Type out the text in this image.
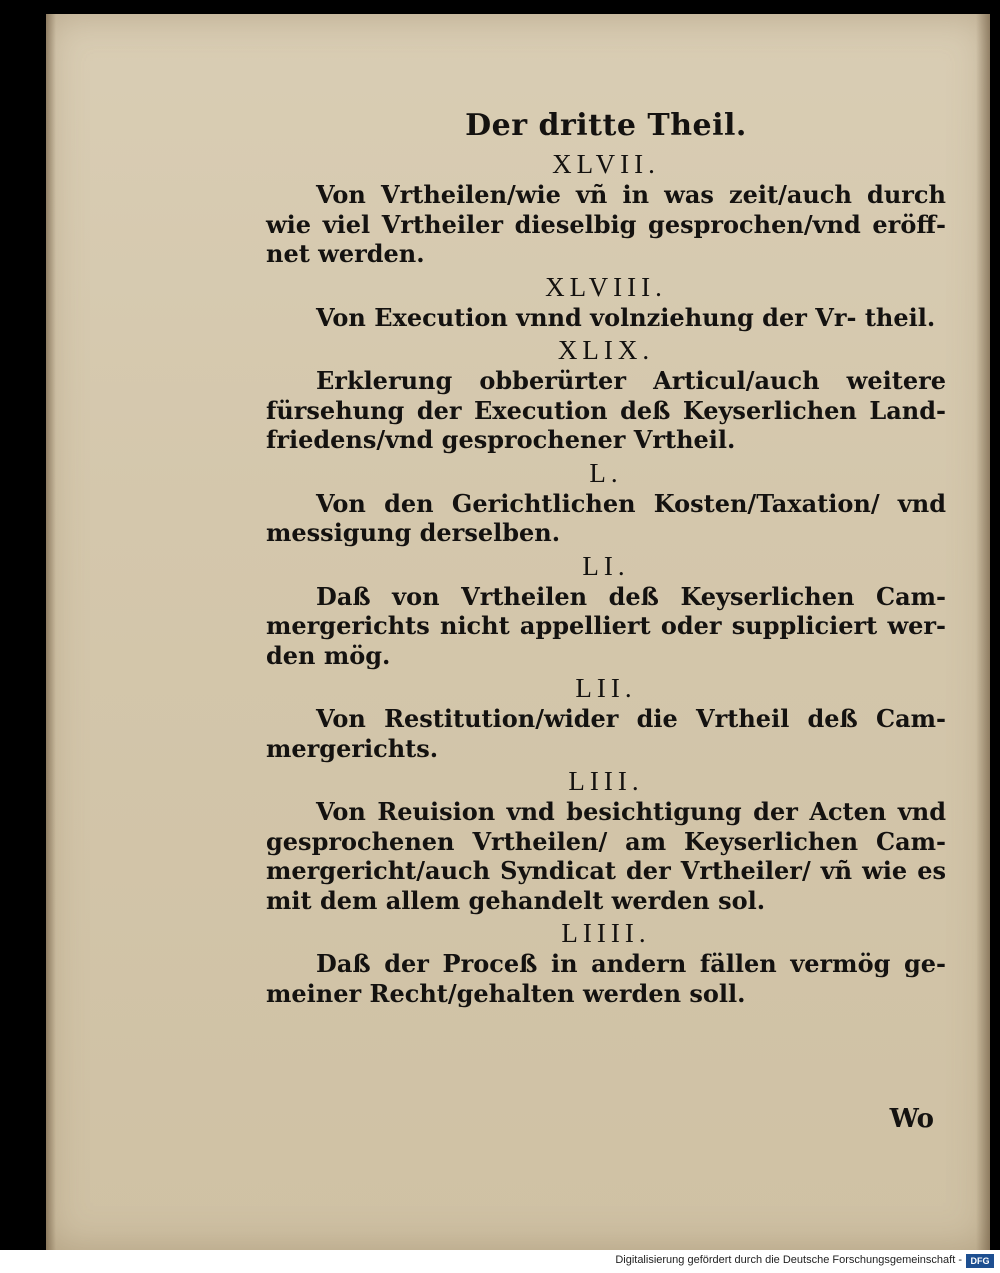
Der dritte Theil.

XLVII.

Von Vrtheilen/wie vñ in was zeit/auch durch wie viel Vrtheiler dieselbig gesprochen/vnd eröff- net werden.

XLVIII.

Von Execution vnnd volnziehung der Vr- theil.

XLIX.

Erklerung obberürter Articul/auch weitere fürsehung der Execution deß Keyserlichen Land- friedens/vnd gesprochener Vrtheil.

L.

Von den Gerichtlichen Kosten/Taxation/ vnd messigung derselben.

LI.

Daß von Vrtheilen deß Keyserlichen Cam- mergerichts nicht appelliert oder suppliciert wer- den mög.

LII.

Von Restitution/wider die Vrtheil deß Cam- mergerichts.

LIII.

Von Reuision vnd besichtigung der Acten vnd gesprochenen Vrtheilen/ am Keyserlichen Cam- mergericht/auch Syndicat der Vrtheiler/ vñ wie es mit dem allem gehandelt werden sol.

LIIII.

Daß der Proceß in andern fällen vermög ge- meiner Recht/gehalten werden soll.

Wo
Digitalisierung gefördert durch die Deutsche Forschungsgemeinschaft - DFG
